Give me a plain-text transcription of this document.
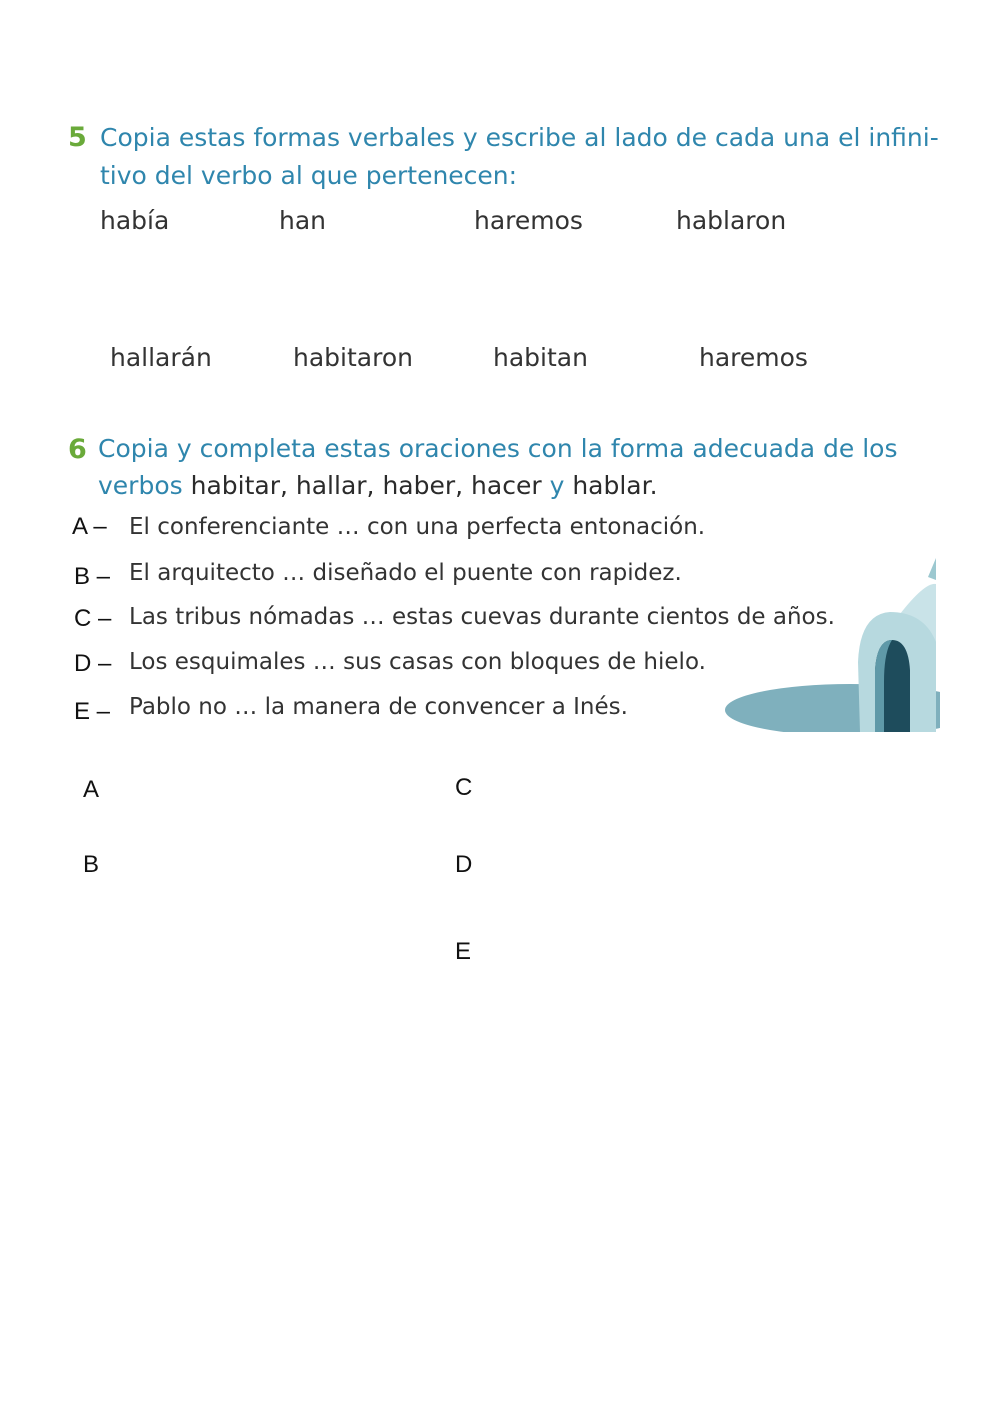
5 Copia estas formas verbales y escribe al lado de cada una el infini-
tivo del verbo al que pertenecen:
había	han	haremos	hablaron
hallarán	habitaron	habitan	haremos
6 Copia y completa estas oraciones con la forma adecuada de los
verbos habitar, hallar, haber, hacer y hablar.
A – El conferenciante … con una perfecta entonación.
B – El arquitecto … diseñado el puente con rapidez.
C – Las tribus nómadas … estas cuevas durante cientos de años.
D – Los esquimales … sus casas con bloques de hielo.
E – Pablo no … la manera de convencer a Inés.
A	C
B	D
E
